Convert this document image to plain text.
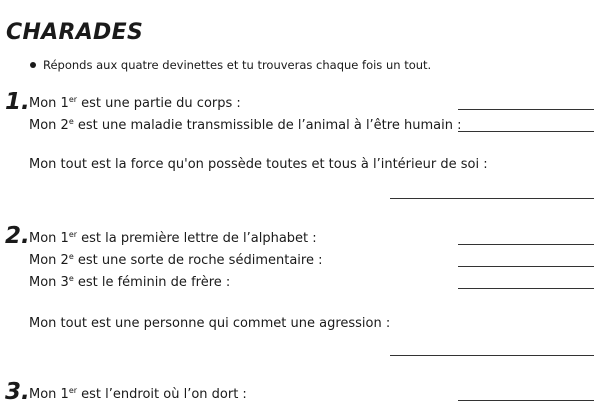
CHARADES
Réponds aux quatre devinettes et tu trouveras chaque fois un tout.
1. Mon 1er est une partie du corps :
Mon 2e est une maladie transmissible de l’animal à l’être humain :
Mon tout est la force qu'on possède toutes et tous à l’intérieur de soi :
2. Mon 1er est la première lettre de l’alphabet :
Mon 2e est une sorte de roche sédimentaire :
Mon 3e est le féminin de frère :
Mon tout est une personne qui commet une agression :
3. Mon 1er est l’endroit où l’on dort :
